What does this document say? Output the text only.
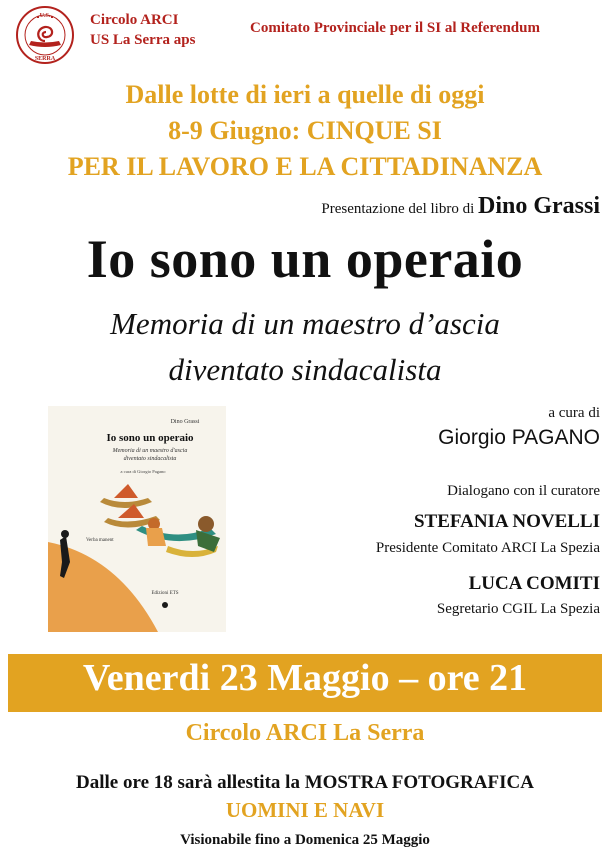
U.S.
SERRA
Circolo ARCI
US La Serra aps
Comitato Provinciale per il SI al Referendum
Dalle lotte di ieri a quelle di oggi
8-9 Giugno: CINQUE SI
PER IL LAVORO E LA CITTADINANZA
Presentazione del libro di Dino Grassi
Io sono un operaio
Memoria di un maestro d’ascia
diventato sindacalista
Dino Grassi
Io sono un operaio
Memoria di un maestro d'ascia
diventato sindacalista
a cura di Giorgio Pagano
Verba manent
Edizioni ETS
a cura di
Giorgio PAGANO
Dialogano con il curatore
STEFANIA NOVELLI
Presidente Comitato ARCI La Spezia
LUCA COMITI
Segretario CGIL La Spezia
Venerdi 23 Maggio – ore 21
Circolo ARCI La Serra
Dalle ore 18 sarà allestita la MOSTRA FOTOGRAFICA
UOMINI E NAVI
Visionabile fino a Domenica 25 Maggio
